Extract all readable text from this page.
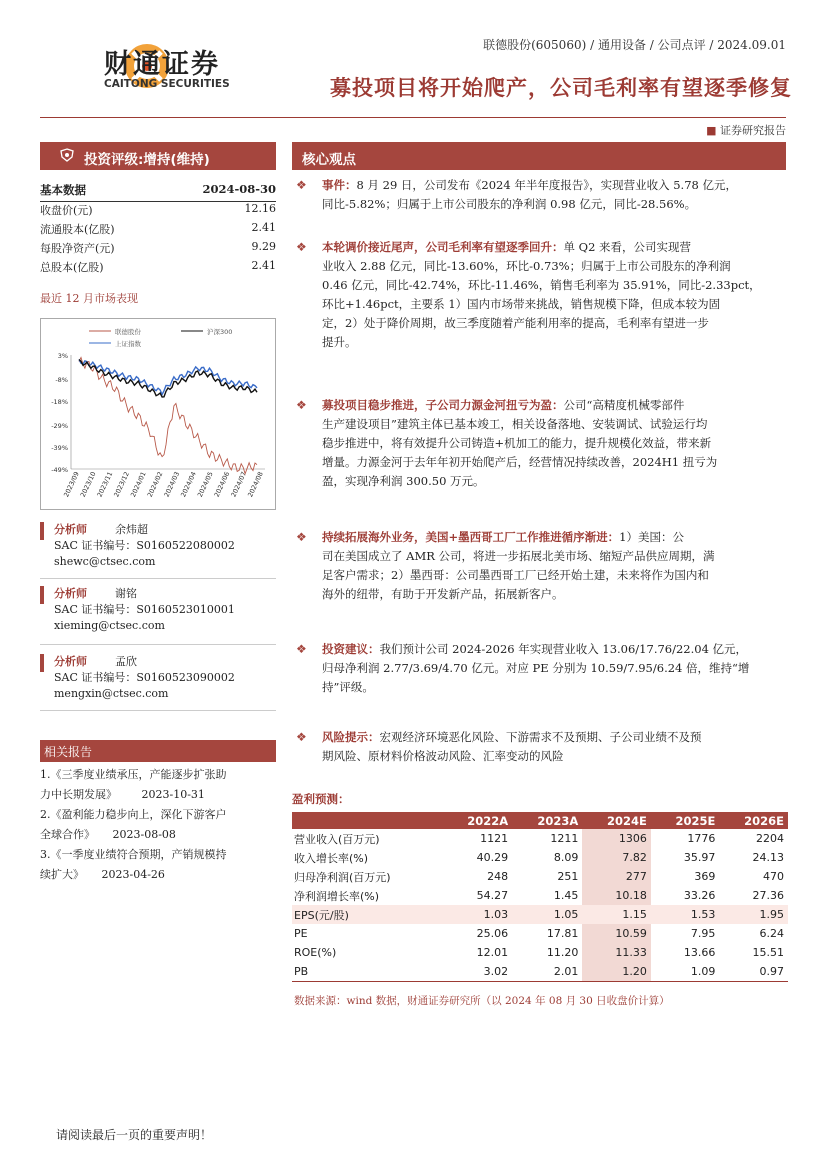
财通证券
CAITONG SECURITIES
联德股份(605060) / 通用设备 / 公司点评 / 2024.09.01
募投项目将开始爬产，公司毛利率有望逐季修复
■ 证券研究报告
投资评级:增持(维持)	核心观点
基本数据	2024-08-30
收盘价(元)	12.16
流通股本(亿股)	2.41
每股净资产(元)	9.29
总股本(亿股)	2.41
最近 12 月市场表现
3%
-8%
-18%
-29%
-39%
-49%
2023/09
2023/10
2023/11
2023/12
2024/01
2024/02
2024/03
2024/04
2024/05
2024/06
2024/07
2024/08
联德股份	沪深300
上证指数
分析师	余炜超
SAC 证书编号：S0160522080002
shewc@ctsec.com
分析师	谢铭
SAC 证书编号：S0160523010001
xieming@ctsec.com
分析师	孟欣
SAC 证书编号：S0160523090002
mengxin@ctsec.com
相关报告
1.《三季度业绩承压，产能逐步扩张助
力中长期发展》 2023-10-31
2.《盈利能力稳步向上，深化下游客户
全球合作》 2023-08-08
3.《一季度业绩符合预期，产销规模持
续扩大》 2023-04-26
❖	事件：8 月 29 日，公司发布《2024 年半年度报告》，实现营业收入 5.78 亿元，
同比-5.82%；归属于上市公司股东的净利润 0.98 亿元，同比-28.56%。
❖	本轮调价接近尾声，公司毛利率有望逐季回升：单 Q2 来看，公司实现营
业收入 2.88 亿元，同比-13.60%，环比-0.73%；归属于上市公司股东的净利润
0.46 亿元，同比-42.74%，环比-11.46%，销售毛利率为 35.91%，同比-2.33pct，
环比+1.46pct，主要系 1）国内市场带来挑战，销售规模下降，但成本较为固
定，2）处于降价周期，故三季度随着产能利用率的提高，毛利率有望进一步
提升。
❖	募投项目稳步推进，子公司力源金河扭亏为盈：公司“高精度机械零部件
生产建设项目”建筑主体已基本竣工，相关设备落地、安装调试、试验运行均
稳步推进中，将有效提升公司铸造+机加工的能力，提升规模化效益，带来新
增量。力源金河于去年年初开始爬产后，经营情况持续改善，2024H1 扭亏为
盈，实现净利润 300.50 万元。
❖	持续拓展海外业务，美国+墨西哥工厂工作推进循序渐进：1）美国：公
司在美国成立了 AMR 公司，将进一步拓展北美市场、缩短产品供应周期，满
足客户需求；2）墨西哥：公司墨西哥工厂已经开始土建，未来将作为国内和
海外的纽带，有助于开发新产品，拓展新客户。
❖	投资建议：我们预计公司 2024-2026 年实现营业收入 13.06/17.76/22.04 亿元，
归母净利润 2.77/3.69/4.70 亿元。对应 PE 分别为 10.59/7.95/6.24 倍，维持“增
持”评级。
❖	风险提示：宏观经济环境恶化风险、下游需求不及预期、子公司业绩不及预
期风险、原材料价格波动风险、汇率变动的风险
盈利预测：
	2022A	2023A	2024E	2025E	2026E
营业收入(百万元)	1121	1211	1306	1776	2204
收入增长率(%)	40.29	8.09	7.82	35.97	24.13
归母净利润(百万元)	248	251	277	369	470
净利润增长率(%)	54.27	1.45	10.18	33.26	27.36
EPS(元/股)	1.03	1.05	1.15	1.53	1.95
PE	25.06	17.81	10.59	7.95	6.24
ROE(%)	12.01	11.20	11.33	13.66	15.51
PB	3.02	2.01	1.20	1.09	0.97
数据来源：wind 数据，财通证券研究所（以 2024 年 08 月 30 日收盘价计算）
请阅读最后一页的重要声明！
